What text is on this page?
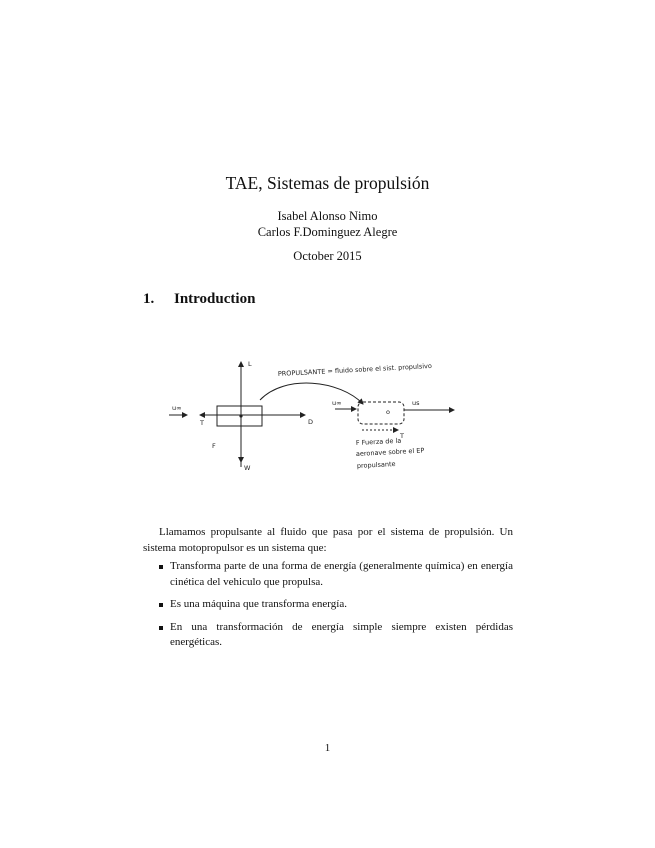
TAE, Sistemas de propulsión
Isabel Alonso Nimo
Carlos F.Dominguez Alegre
October 2015
1. Introduction
L	PROPULSANTE = fluido sobre el sist. propulsivo
u∞
T	D
F
W
u∞	us
o
T
F Fuerza de la
aeronave sobre el EP
propulsante
Llamamos propulsante al fluido que pasa por el sistema de propulsión. Un sistema motopropulsor es un sistema que:
Transforma parte de una forma de energía (generalmente química) en energía cinética del vehiculo que propulsa.
Es una máquina que transforma energía.
En una transformación de energía simple siempre existen pérdidas energéticas.
1
